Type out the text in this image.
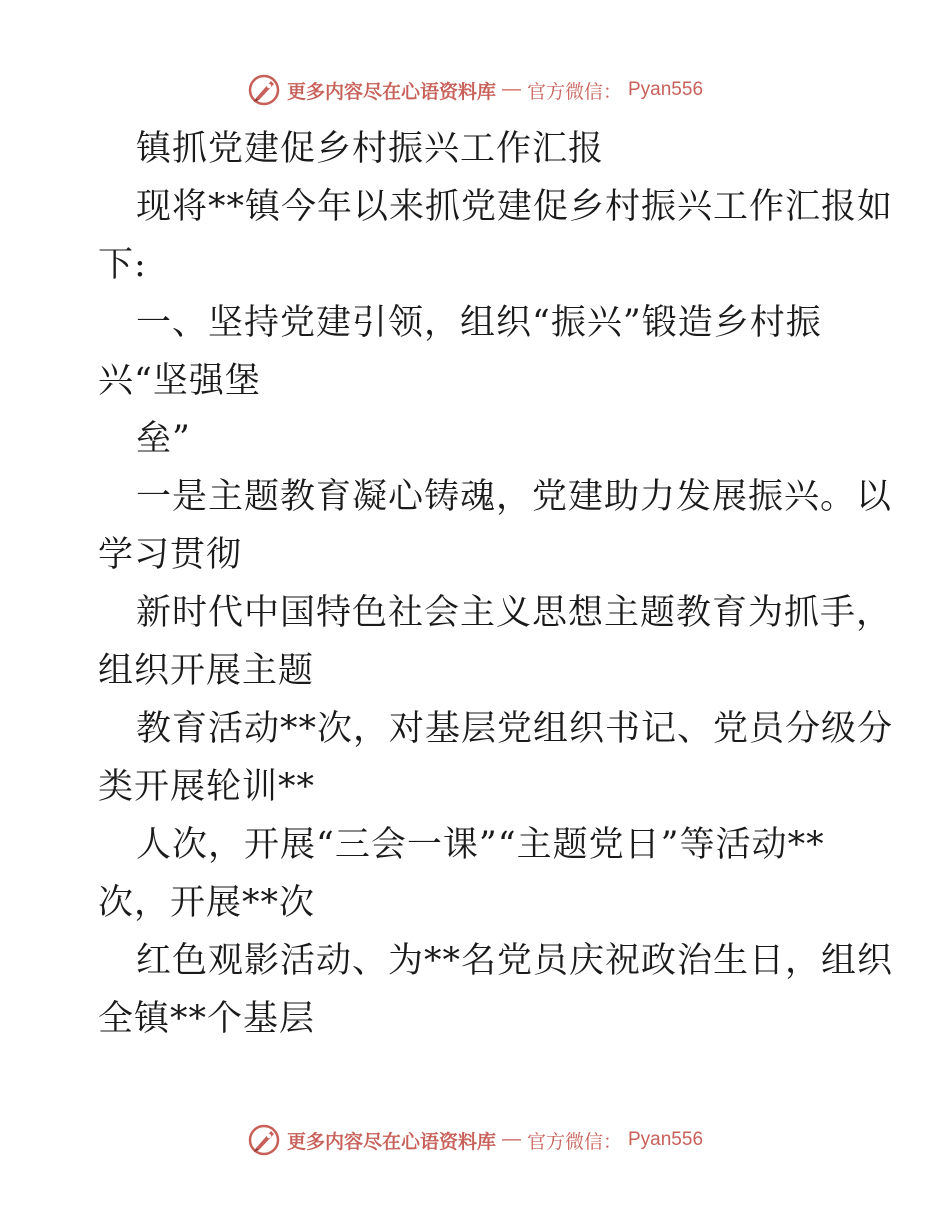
更多内容尽在心语资料库 — 官方微信： Pyan556
镇抓党建促乡村振兴工作汇报
现将**镇今年以来抓党建促乡村振兴工作汇报如
下:
一、坚持党建引领，组织“振兴”锻造乡村振
兴“坚强堡
垒”
一是主题教育凝心铸魂，党建助力发展振兴。以
学习贯彻
新时代中国特色社会主义思想主题教育为抓手，
组织开展主题
教育活动**次，对基层党组织书记、党员分级分
类开展轮训**
人次，开展“三会一课”“主题党日”等活动**
次，开展**次
红色观影活动、为**名党员庆祝政治生日，组织
全镇**个基层
更多内容尽在心语资料库 — 官方微信： Pyan556
